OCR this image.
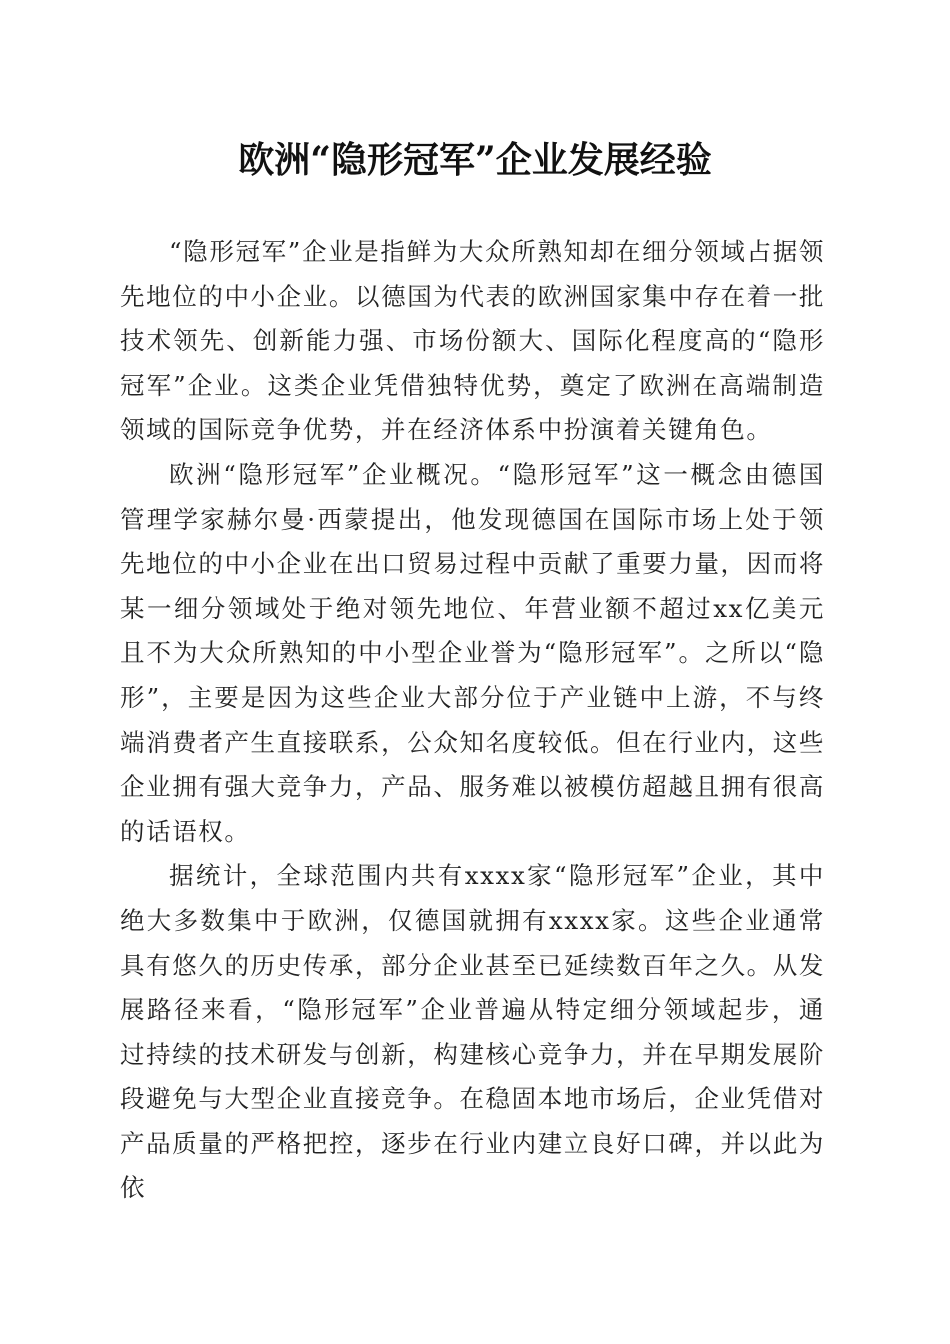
欧洲“隐形冠军”企业发展经验

“隐形冠军”企业是指鲜为大众所熟知却在细分领域占据领先地位的中小企业。以德国为代表的欧洲国家集中存在着一批技术领先、创新能力强、市场份额大、国际化程度高的“隐形冠军”企业。这类企业凭借独特优势，奠定了欧洲在高端制造领域的国际竞争优势，并在经济体系中扮演着关键角色。

欧洲“隐形冠军”企业概况。“隐形冠军”这一概念由德国管理学家赫尔曼·西蒙提出，他发现德国在国际市场上处于领先地位的中小企业在出口贸易过程中贡献了重要力量，因而将某一细分领域处于绝对领先地位、年营业额不超过xx亿美元且不为大众所熟知的中小型企业誉为“隐形冠军”。之所以“隐形”，主要是因为这些企业大部分位于产业链中上游，不与终端消费者产生直接联系，公众知名度较低。但在行业内，这些企业拥有强大竞争力，产品、服务难以被模仿超越且拥有很高的话语权。

据统计，全球范围内共有xxxx家“隐形冠军”企业，其中绝大多数集中于欧洲，仅德国就拥有xxxx家。这些企业通常具有悠久的历史传承，部分企业甚至已延续数百年之久。从发展路径来看，“隐形冠军”企业普遍从特定细分领域起步，通过持续的技术研发与创新，构建核心竞争力，并在早期发展阶段避免与大型企业直接竞争。在稳固本地市场后，企业凭借对产品质量的严格把控，逐步在行业内建立良好口碑，并以此为依
